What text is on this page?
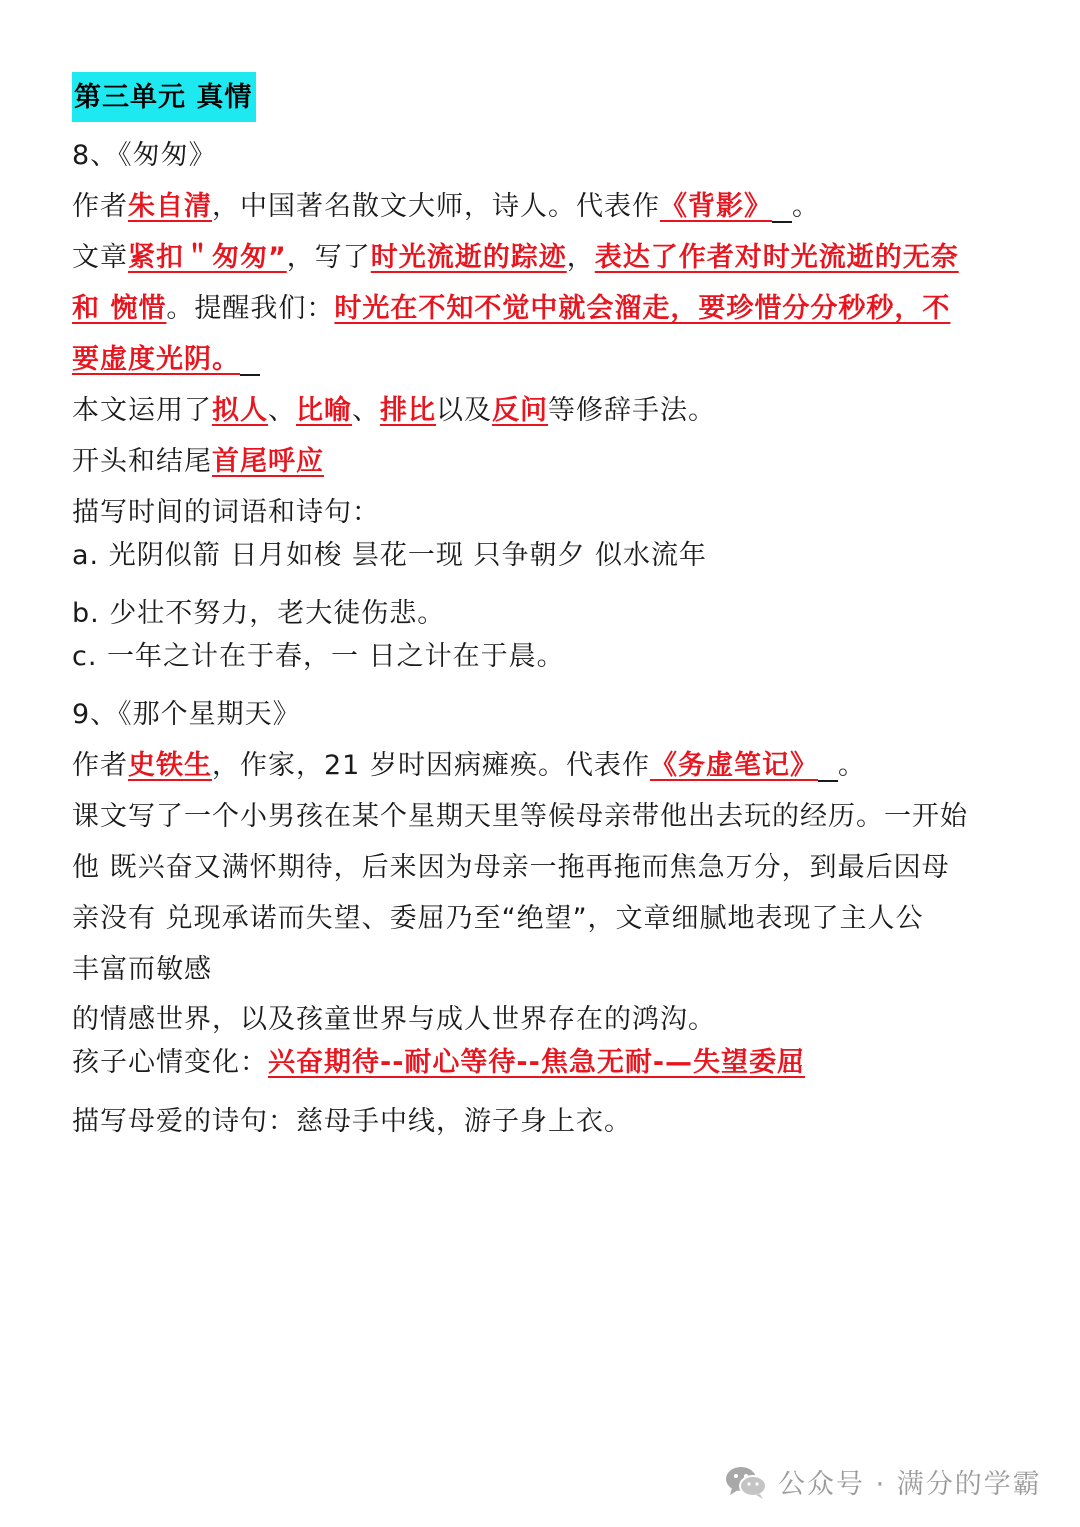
第三单元 真情
8、《匆匆》
作者朱自清，中国著名散文大师，诗人。代表作《背影》 。
文章紧扣＂匆匆”，写了时光流逝的踪迹，表达了作者对时光流逝的无奈
和 惋惜。提醒我们：时光在不知不觉中就会溜走，要珍惜分分秒秒，不
要虚度光阴。
本文运用了拟人、比喻、排比以及反问等修辞手法。
开头和结尾首尾呼应
描写时间的词语和诗句：
a. 光阴似箭 日月如梭 昙花一现 只争朝夕 似水流年
b. 少壮不努力，老大徒伤悲。
c. 一年之计在于春，一 日之计在于晨。
9、《那个星期天》
作者史铁生，作家，21 岁时因病瘫痪。代表作《务虚笔记》 。
课文写了一个小男孩在某个星期天里等候母亲带他出去玩的经历。一开始
他 既兴奋又满怀期待，后来因为母亲一拖再拖而焦急万分，到最后因母
亲没有 兑现承诺而失望、委屈乃至“绝望”，文章细腻地表现了主人公
丰富而敏感
的情感世界，以及孩童世界与成人世界存在的鸿沟。
孩子心情变化：兴奋期待--耐心等待--焦急无耐-—失望委屈
描写母爱的诗句：慈母手中线，游子身上衣。
公众号 · 满分的学霸
